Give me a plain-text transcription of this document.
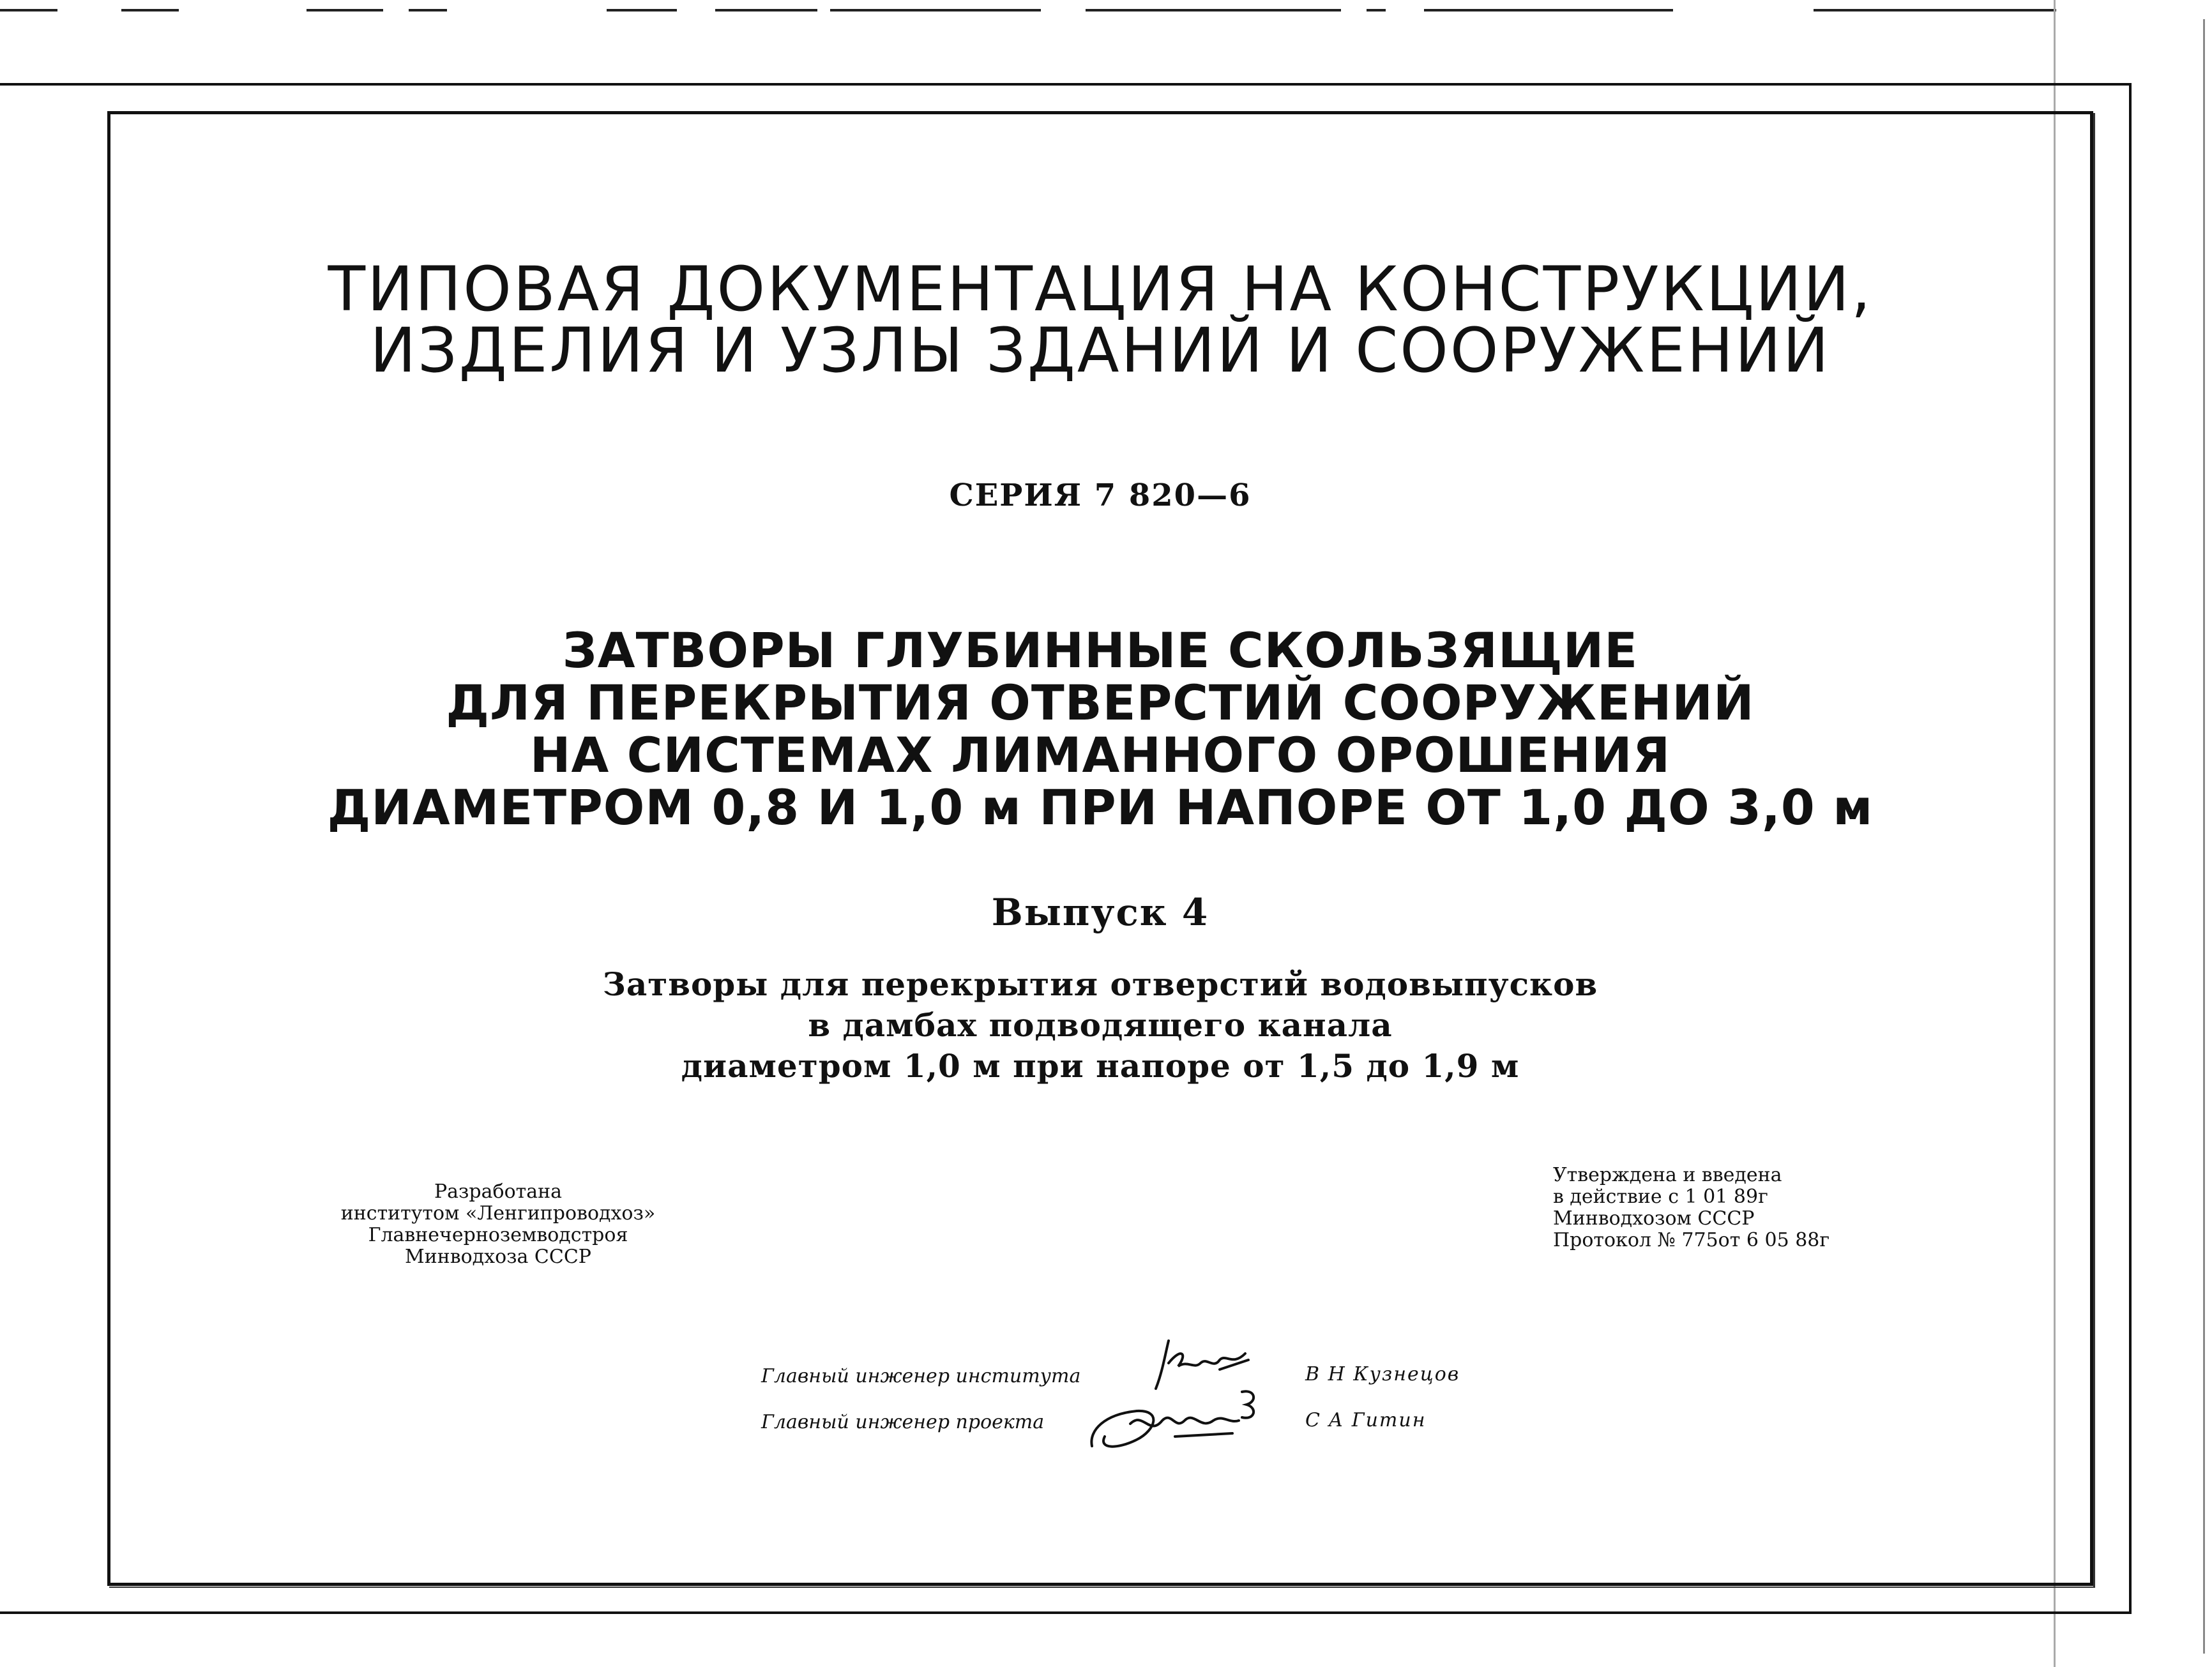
ТИПОВАЯ ДОКУМЕНТАЦИЯ НА КОНСТРУКЦИИ,
ИЗДЕЛИЯ И УЗЛЫ ЗДАНИЙ И СООРУЖЕНИЙ
СЕРИЯ 7 820—6
ЗАТВОРЫ ГЛУБИННЫЕ СКОЛЬЗЯЩИЕ
ДЛЯ ПЕРЕКРЫТИЯ ОТВЕРСТИЙ СООРУЖЕНИЙ
НА СИСТЕМАХ ЛИМАННОГО ОРОШЕНИЯ
ДИАМЕТРОМ 0,8 И 1,0 м ПРИ НАПОРЕ ОТ 1,0 ДО 3,0 м
Выпуск 4
Затворы для перекрытия отверстий водовыпусков
в дамбах подводящего канала
диаметром 1,0 м при напоре от 1,5 до 1,9 м
Разработана
институтом «Ленгипроводхоз»
Главнечерноземводстроя
Минводхоза СССР
Утверждена и введена
в действие с 1 01 89г
Минводхозом СССР
Протокол № 775от 6 05 88г
Главный инженер института
Главный инженер проекта
В Н Кузнецов
С А Гитин
